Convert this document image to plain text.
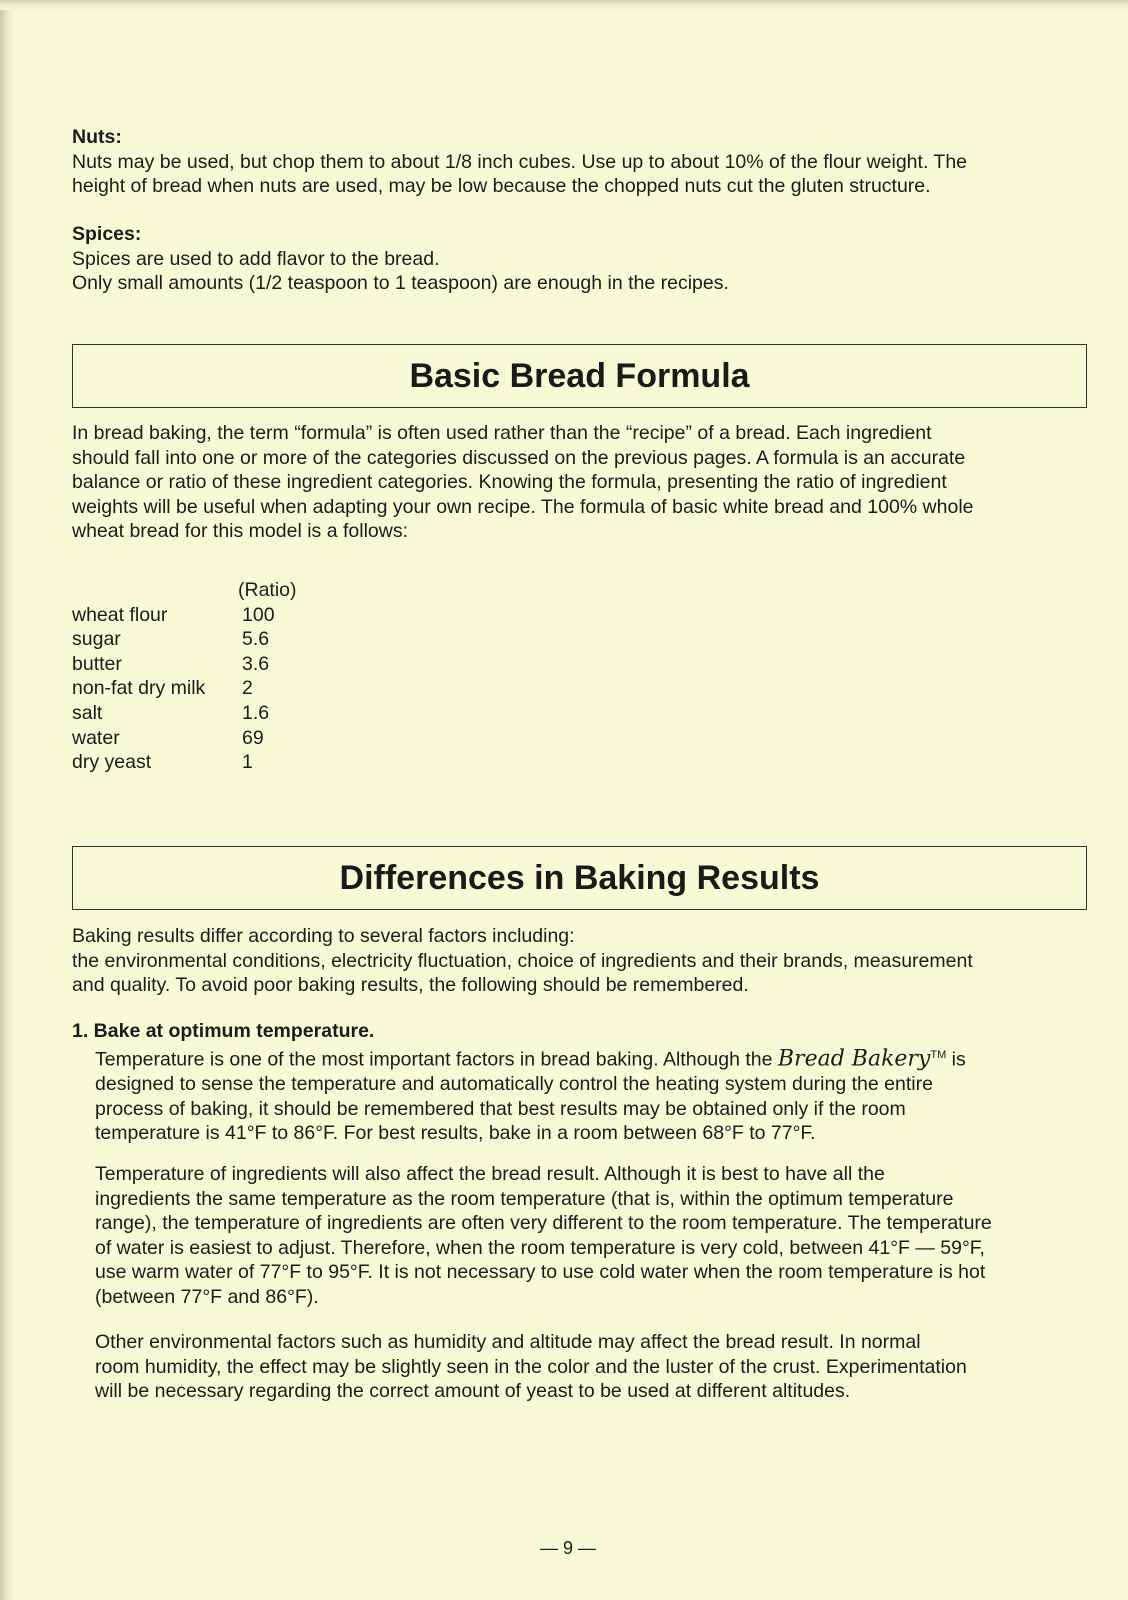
Nuts:
Nuts may be used, but chop them to about 1/8 inch cubes. Use up to about 10% of the flour weight. The
height of bread when nuts are used, may be low because the chopped nuts cut the gluten structure.
Spices:
Spices are used to add flavor to the bread.
Only small amounts (1/2 teaspoon to 1 teaspoon) are enough in the recipes.
Basic Bread Formula
In bread baking, the term “formula” is often used rather than the “recipe” of a bread. Each ingredient
should fall into one or more of the categories discussed on the previous pages. A formula is an accurate
balance or ratio of these ingredient categories. Knowing the formula, presenting the ratio of ingredient
weights will be useful when adapting your own recipe. The formula of basic white bread and 100% whole
wheat bread for this model is a follows:
(Ratio)
wheat flour	100
sugar	5.6
butter	3.6
non-fat dry milk	2
salt	1.6
water	69
dry yeast	1
Differences in Baking Results
Baking results differ according to several factors including:
the environmental conditions, electricity fluctuation, choice of ingredients and their brands, measurement
and quality. To avoid poor baking results, the following should be remembered.
1. Bake at optimum temperature.
Temperature is one of the most important factors in bread baking. Although the Bread Bakery™ is
designed to sense the temperature and automatically control the heating system during the entire
process of baking, it should be remembered that best results may be obtained only if the room
temperature is 41°F to 86°F. For best results, bake in a room between 68°F to 77°F.
Temperature of ingredients will also affect the bread result. Although it is best to have all the
ingredients the same temperature as the room temperature (that is, within the optimum temperature
range), the temperature of ingredients are often very different to the room temperature. The temperature
of water is easiest to adjust. Therefore, when the room temperature is very cold, between 41°F — 59°F,
use warm water of 77°F to 95°F. It is not necessary to use cold water when the room temperature is hot
(between 77°F and 86°F).
Other environmental factors such as humidity and altitude may affect the bread result. In normal
room humidity, the effect may be slightly seen in the color and the luster of the crust. Experimentation
will be necessary regarding the correct amount of yeast to be used at different altitudes.
— 9 —
